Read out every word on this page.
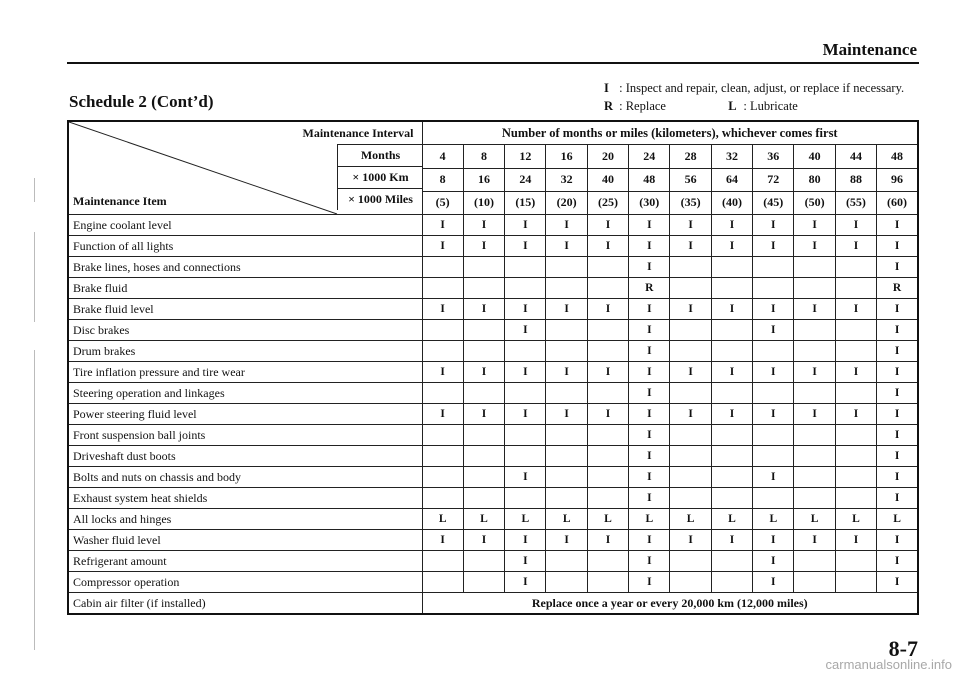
Maintenance
Schedule 2 (Cont’d)
I : Inspect and repair, clean, adjust, or replace if necessary.
R : Replace	L : Lubricate
Maintenance Interval
Maintenance Item
Months
× 1000 Km
× 1000 Miles	Number of months or miles (kilometers), whichever comes first											
	4	8	12	16	20	24	28	32	36	40	44	48
	8	16	24	32	40	48	56	64	72	80	88	96
	(5)	(10)	(15)	(20)	(25)	(30)	(35)	(40)	(45)	(50)	(55)	(60)
Engine coolant level	I	I	I	I	I	I	I	I	I	I	I	I
Function of all lights	I	I	I	I	I	I	I	I	I	I	I	I
Brake lines, hoses and connections						I						I
Brake fluid						R						R
Brake fluid level	I	I	I	I	I	I	I	I	I	I	I	I
Disc brakes			I			I			I			I
Drum brakes						I						I
Tire inflation pressure and tire wear	I	I	I	I	I	I	I	I	I	I	I	I
Steering operation and linkages						I						I
Power steering fluid level	I	I	I	I	I	I	I	I	I	I	I	I
Front suspension ball joints						I						I
Driveshaft dust boots						I						I
Bolts and nuts on chassis and body			I			I			I			I
Exhaust system heat shields						I						I
All locks and hinges	L	L	L	L	L	L	L	L	L	L	L	L
Washer fluid level	I	I	I	I	I	I	I	I	I	I	I	I
Refrigerant amount			I			I			I			I
Compressor operation			I			I			I			I
Cabin air filter (if installed)	Replace once a year or every 20,000 km (12,000 miles)											
8-7
carmanualsonline.info
